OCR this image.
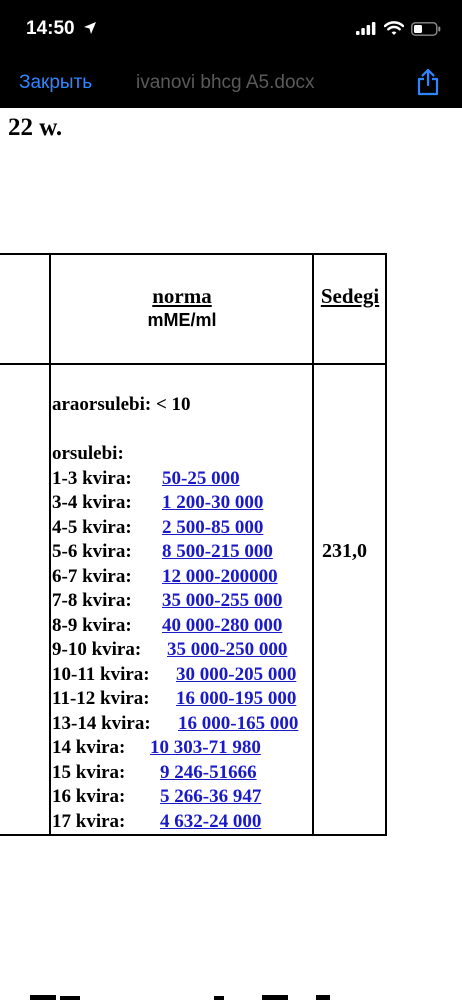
14:50
Закрыть ivanovi bhcg A5.docx
22 w.
norma
mME/ml
Sedegi
araorsulebi: < 10
orsulebi:
1-3 kvira: 50-25 000
3-4 kvira: 1 200-30 000
4-5 kvira: 2 500-85 000
5-6 kvira: 8 500-215 000
6-7 kvira: 12 000-200000
7-8 kvira: 35 000-255 000
8-9 kvira: 40 000-280 000
9-10 kvira: 35 000-250 000
10-11 kvira: 30 000-205 000
11-12 kvira: 16 000-195 000
13-14 kvira: 16 000-165 000
14 kvira: 10 303-71 980
15 kvira: 9 246-51666
16 kvira: 5 266-36 947
17 kvira: 4 632-24 000
231,0
